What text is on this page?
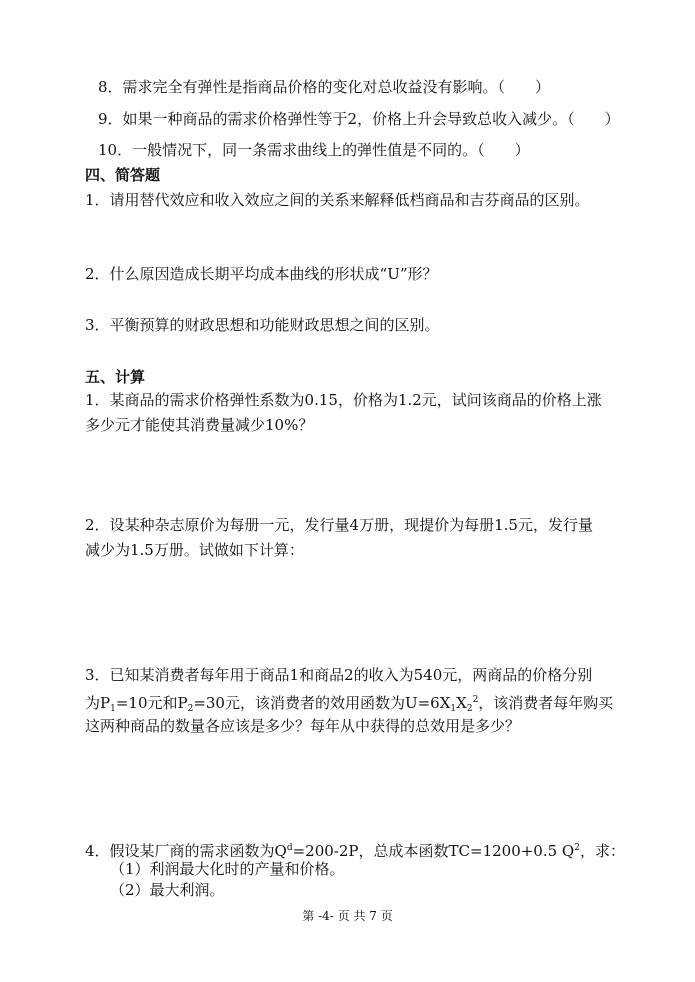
8．需求完全有弹性是指商品价格的变化对总收益没有影响。（　　）
9．如果一种商品的需求价格弹性等于2，价格上升会导致总收入减少。（　　）
10．一般情况下，同一条需求曲线上的弹性值是不同的。（　　）
四、简答题
1．请用替代效应和收入效应之间的关系来解释低档商品和吉芬商品的区别。
2．什么原因造成长期平均成本曲线的形状成“U”形？
3．平衡预算的财政思想和功能财政思想之间的区别。
五、计算
1．某商品的需求价格弹性系数为0.15，价格为1.2元，试问该商品的价格上涨
多少元才能使其消费量减少10%？
2．设某种杂志原价为每册一元，发行量4万册，现提价为每册1.5元，发行量
减少为1.5万册。试做如下计算：
3．已知某消费者每年用于商品1和商品2的收入为540元，两商品的价格分别
为$P_1=10$元和$P_2=30$元，该消费者的效用函数为$U=6X_1X_2^2$，该消费者每年购买
这两种商品的数量各应该是多少？每年从中获得的总效用是多少？
4．假设某厂商的需求函数为$Q^d=200-2P$，总成本函数TC=1200+0.5 $Q^2$，求：
（1）利润最大化时的产量和价格。
（2）最大利润。
第 -4- 页 共 7 页
